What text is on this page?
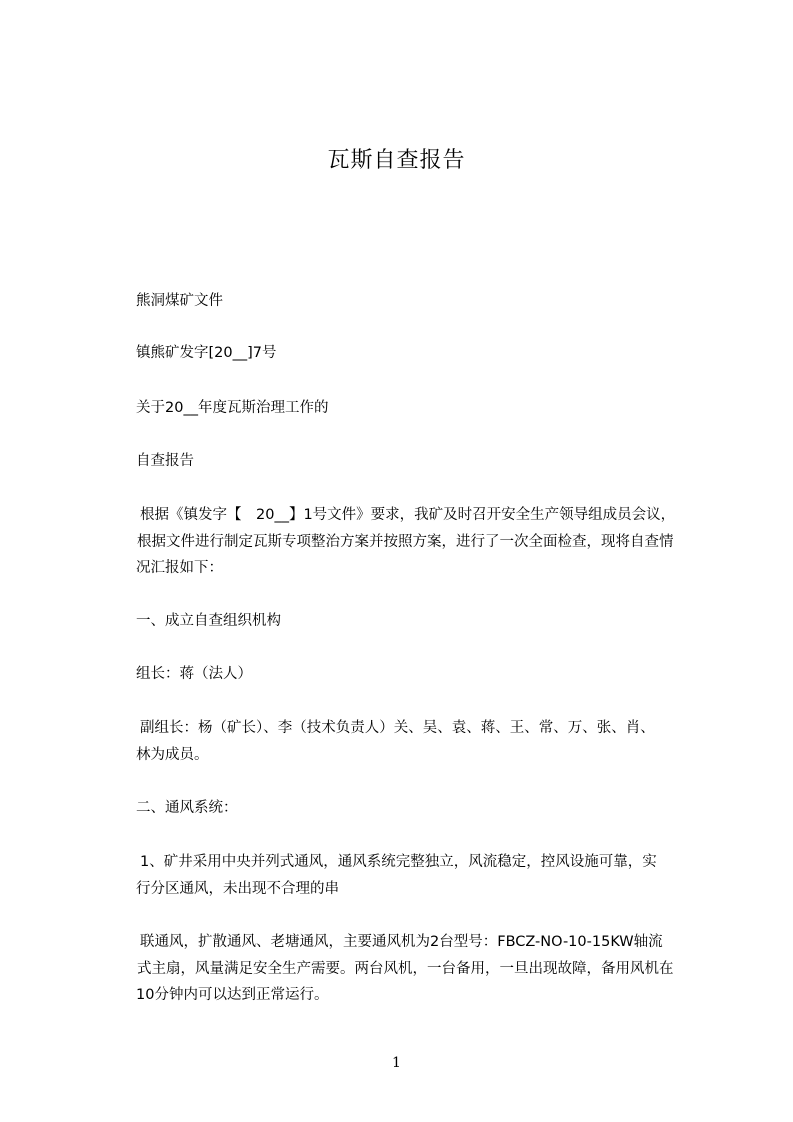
瓦斯自查报告
熊洞煤矿文件
镇熊矿发字[20__]7号
关于20__年度瓦斯治理工作的
自查报告
根据《镇发字【　20__】1号文件》要求，我矿及时召开安全生产领导组成员会议，
根据文件进行制定瓦斯专项整治方案并按照方案，进行了一次全面检查，现将自查情
况汇报如下：
一、成立自查组织机构
组长：蒋（法人）
副组长：杨（矿长）、李（技术负责人）关、吴、袁、蒋、王、常、万、张、肖、
林为成员。
二、通风系统：
1、矿井采用中央并列式通风，通风系统完整独立，风流稳定，控风设施可靠，实
行分区通风，未出现不合理的串
联通风，扩散通风、老塘通风，主要通风机为2台型号：FBCZ-NO-10-15KW轴流
式主扇，风量满足安全生产需要。两台风机，一台备用，一旦出现故障，备用风机在
10分钟内可以达到正常运行。
1
